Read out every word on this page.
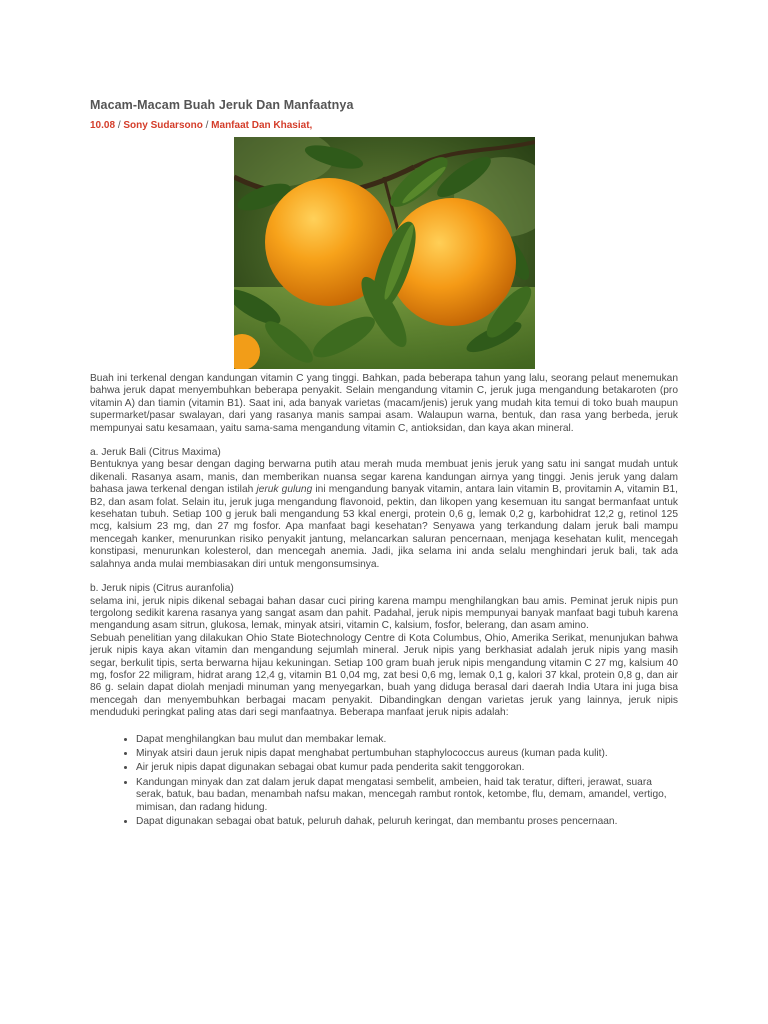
Macam-Macam Buah Jeruk Dan Manfaatnya
10.08 / Sony Sudarsono / Manfaat Dan Khasiat,

Buah ini terkenal dengan kandungan vitamin C yang tinggi. Bahkan, pada beberapa tahun yang lalu, seorang pelaut menemukan bahwa jeruk dapat menyembuhkan beberapa penyakit. Selain mengandung vitamin C, jeruk juga mengandung betakaroten (pro vitamin A) dan tiamin (vitamin B1). Saat ini, ada banyak varietas (macam/jenis) jeruk yang mudah kita temui di toko buah maupun supermarket/pasar swalayan, dari yang rasanya manis sampai asam. Walaupun warna, bentuk, dan rasa yang berbeda, jeruk mempunyai satu kesamaan, yaitu sama-sama mengandung vitamin C, antioksidan, dan kaya akan mineral.

a. Jeruk Bali (Citrus Maxima)

Bentuknya yang besar dengan daging berwarna putih atau merah muda membuat jenis jeruk yang satu ini sangat mudah untuk dikenali. Rasanya asam, manis, dan memberikan nuansa segar karena kandungan airnya yang tinggi. Jenis jeruk yang dalam bahasa jawa terkenal dengan istilah jeruk gulung ini mengandung banyak vitamin, antara lain vitamin B, provitamin A, vitamin B1, B2, dan asam folat. Selain itu, jeruk juga mengandung flavonoid, pektin, dan likopen yang kesemuan itu sangat bermanfaat untuk kesehatan tubuh. Setiap 100 g jeruk bali mengandung 53 kkal energi, protein 0,6 g, lemak 0,2 g, karbohidrat 12,2 g, retinol 125 mcg, kalsium 23 mg, dan 27 mg fosfor. Apa manfaat bagi kesehatan? Senyawa yang terkandung dalam jeruk bali mampu mencegah kanker, menurunkan risiko penyakit jantung, melancarkan saluran pencernaan, menjaga kesehatan kulit, mencegah konstipasi, menurunkan kolesterol, dan mencegah anemia. Jadi, jika selama ini anda selalu menghindari jeruk bali, tak ada salahnya anda mulai membiasakan diri untuk mengonsumsinya.

b. Jeruk nipis (Citrus auranfolia)

selama ini, jeruk nipis dikenal sebagai bahan dasar cuci piring karena mampu menghilangkan bau amis. Peminat jeruk nipis pun tergolong sedikit karena rasanya yang sangat asam dan pahit. Padahal, jeruk nipis mempunyai banyak manfaat bagi tubuh karena mengandung asam sitrun, glukosa, lemak, minyak atsiri, vitamin C, kalsium, fosfor, belerang, dan asam amino.

Sebuah penelitian yang dilakukan Ohio State Biotechnology Centre di Kota Columbus, Ohio, Amerika Serikat, menunjukan bahwa jeruk nipis kaya akan vitamin dan mengandung sejumlah mineral. Jeruk nipis yang berkhasiat adalah jeruk nipis yang masih segar, berkulit tipis, serta berwarna hijau kekuningan. Setiap 100 gram buah jeruk nipis mengandung vitamin C 27 mg, kalsium 40 mg, fosfor 22 miligram, hidrat arang 12,4 g, vitamin B1 0,04 mg, zat besi 0,6 mg, lemak 0,1 g, kalori 37 kkal, protein 0,8 g, dan air 86 g. selain dapat diolah menjadi minuman yang menyegarkan, buah yang diduga berasal dari daerah India Utara ini juga bisa mencegah dan menyembuhkan berbagai macam penyakit. Dibandingkan dengan varietas jeruk yang lainnya, jeruk nipis menduduki peringkat paling atas dari segi manfaatnya. Beberapa manfaat jeruk nipis adalah:

• Dapat menghilangkan bau mulut dan membakar lemak.
• Minyak atsiri daun jeruk nipis dapat menghabat pertumbuhan staphylococcus aureus (kuman pada kulit).
• Air jeruk nipis dapat digunakan sebagai obat kumur pada penderita sakit tenggorokan.
• Kandungan minyak dan zat dalam jeruk dapat mengatasi sembelit, ambeien, haid tak teratur, difteri, jerawat, suara serak, batuk, bau badan, menambah nafsu makan, mencegah rambut rontok, ketombe, flu, demam, amandel, vertigo, mimisan, dan radang hidung.
• Dapat digunakan sebagai obat batuk, peluruh dahak, peluruh keringat, dan membantu proses pencernaan.
